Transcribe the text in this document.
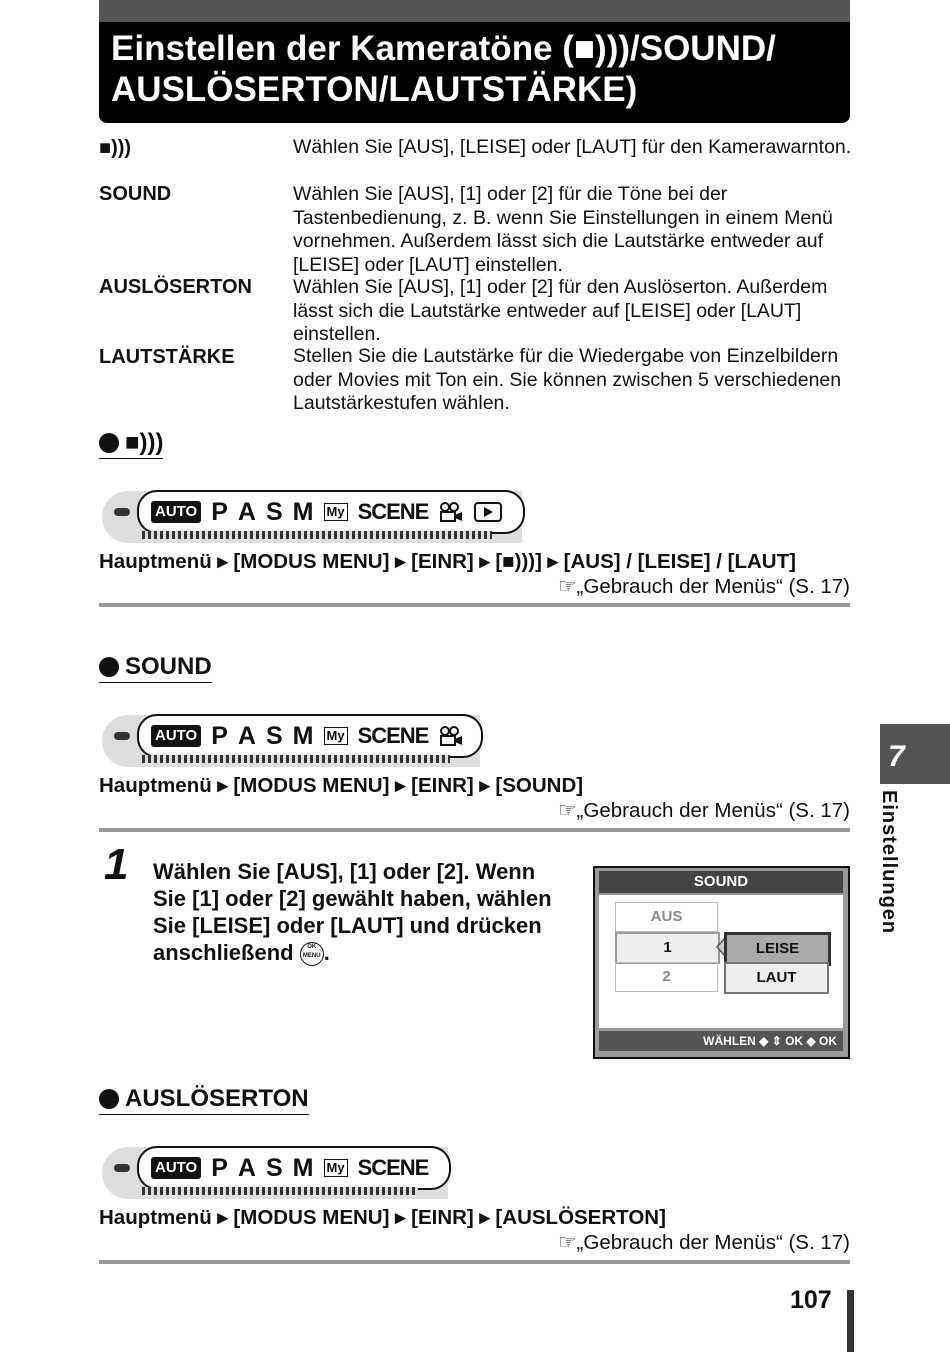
Einstellen der Kameratöne (■)))/SOUND/
AUSLÖSERTON/LAUTSTÄRKE)
■)))	Wählen Sie [AUS], [LEISE] oder [LAUT] für den Kamerawarnton.
SOUND	Wählen Sie [AUS], [1] oder [2] für die Töne bei der Tastenbedienung, z. B. wenn Sie Einstellungen in einem Menü vornehmen. Außerdem lässt sich die Lautstärke entweder auf [LEISE] oder [LAUT] einstellen.
AUSLÖSERTON Wählen Sie [AUS], [1] oder [2] für den Auslöserton. Außerdem lässt sich die Lautstärke entweder auf [LEISE] oder [LAUT] einstellen.
LAUTSTÄRKE	Stellen Sie die Lautstärke für die Wiedergabe von Einzelbildern oder Movies mit Ton ein. Sie können zwischen 5 verschiedenen Lautstärkestufen wählen.
■)))
AUTO P A S M My SCENE
Hauptmenü ▸ [MODUS MENU] ▸ [EINR] ▸ [■)))] ▸ [AUS] / [LEISE] / [LAUT]
☞„Gebrauch der Menüs“ (S. 17)
SOUND
AUTO P A S M My SCENE
Hauptmenü ▸ [MODUS MENU] ▸ [EINR] ▸ [SOUND]
☞„Gebrauch der Menüs“ (S. 17)
1 Wählen Sie [AUS], [1] oder [2]. Wenn Sie [1] oder [2] gewählt haben, wählen Sie [LEISE] oder [LAUT] und drücken anschließend OK MENU .
SOUND
AUS
1
2
LEISE
LAUT
WÄHLEN ◆ ⇕ OK ◆ OK
AUSLÖSERTON
AUTO P A S M My SCENE
Hauptmenü ▸ [MODUS MENU] ▸ [EINR] ▸ [AUSLÖSERTON]
☞„Gebrauch der Menüs“ (S. 17)
7
Einstellungen
107
